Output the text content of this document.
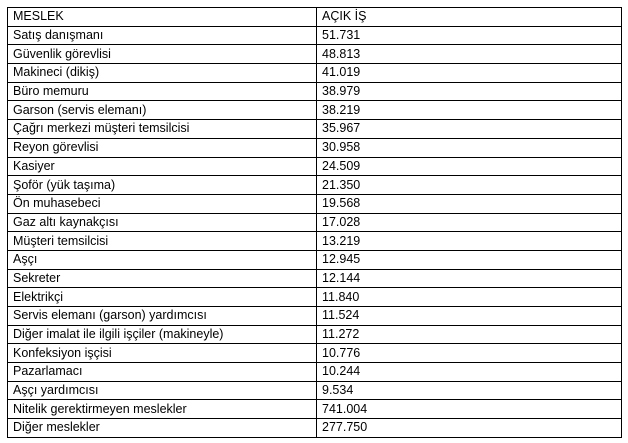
MESLEK	AÇIK İŞ
Satış danışmanı	51.731
Güvenlik görevlisi	48.813
Makineci (dikiş)	41.019
Büro memuru	38.979
Garson (servis elemanı)	38.219
Çağrı merkezi müşteri temsilcisi	35.967
Reyon görevlisi	30.958
Kasiyer	24.509
Şoför (yük taşıma)	21.350
Ön muhasebeci	19.568
Gaz altı kaynakçısı	17.028
Müşteri temsilcisi	13.219
Aşçı	12.945
Sekreter	12.144
Elektrikçi	11.840
Servis elemanı (garson) yardımcısı	11.524
Diğer imalat ile ilgili işçiler (makineyle)	11.272
Konfeksiyon işçisi	10.776
Pazarlamacı	10.244
Aşçı yardımcısı	9.534
Nitelik gerektirmeyen meslekler	741.004
Diğer meslekler	277.750
